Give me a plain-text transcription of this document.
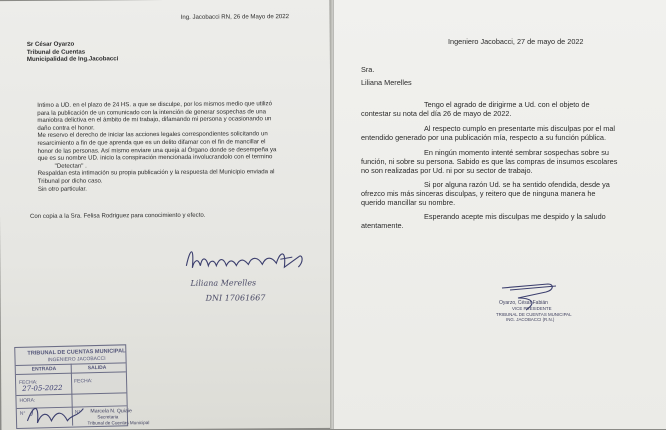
Ing. Jacobacci RN, 26 de Mayo de 2022
Sr César Oyarzo
Tribunal de Cuentas
Municipalidad de Ing.Jacobacci
Intimo a UD. en el plazo de 24 HS. a que se disculpe, por los mismos medio que utilizó
para la publicación de un comunicado con la intención de generar sospechas de una
maniobra delictiva en el ámbito de mi trabajo, difamando mi persona y ocasionando un
daño contra el honor.
Me reservo el derecho de iniciar las acciones legales correspondientes solicitando un
resarcimiento a fin de que aprenda que es un delito difamar con el fin de mancillar el
honor de las personas. Así mismo enviare una queja al Órgano donde se desempeña ya
que es su nombre UD. inicio la conspiración mencionada involucrandolo con el termino
"Detectan" .
Respaldan esta intimación su propia publicación y la respuesta del Municipio enviada al
Tribunal por dicho caso.
Sin otro particular.
Con copia a la Sra. Felisa Rodriguez para conocimiento y efecto.
Liliana Merelles
DNI 17061667
TRIBUNAL DE CUENTAS MUNICIPAL
INGENIERO JACOBACCI
ENTRADA	SALIDA
FECHA:
27-05-2022
FECHA:
HORA:
N° J	N° Marcela N. Quiaie
Secretaria
Tribunal de Cuentas Municipal
Ingeniero Jacobacci, 27 de mayo de 2022
Sra.
Liliana Merelles
Tengo el agrado de dirigirme a Ud. con el objeto de
contestar su nota del día 26 de mayo de 2022.
Al respecto cumplo en presentarte mis disculpas por el mal
entendido generado por una publicación mía, respecto a su función pública.
En ningún momento intenté sembrar sospechas sobre su
función, ni sobre su persona. Sabido es que las compras de insumos escolares
no son realizadas por Ud. ni por su sector de trabajo.
Si por alguna razón Ud. se ha sentido ofendida, desde ya
ofrezco mis más sinceras disculpas, y reitero que de ninguna manera he
querido mancillar su nombre.
Esperando acepte mis disculpas me despido y la saludo
atentamente.
Oyarzo, César Fabián
VICE PRESIDENTE
TRIBUNAL DE CUENTAS MUNICIPAL
ING. JACOBACCI (R.N.)
